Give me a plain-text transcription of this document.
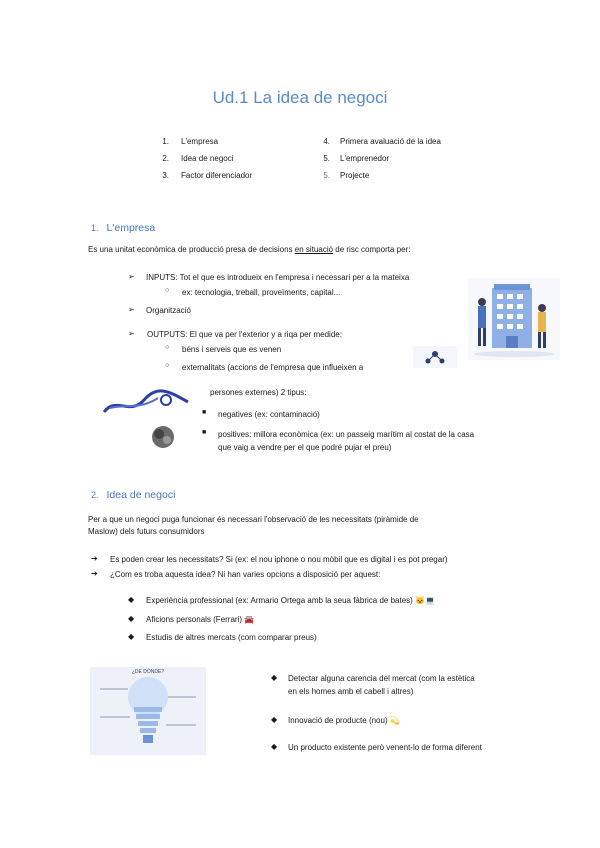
Ud.1 La idea de negoci
1. L'empresa
2. Idea de negoci
3. Factor diferenciador
4. Primera avaluació de la idea
5. L'emprenedor
5. Projecte
1. L'empresa
Es una unitat econòmica de producció presa de decisions en situació de risc comporta per:
➢ INPUTS: Tot el que es introdueix en l'empresa i necessari per a la mateixa
○ ex: tecnologia, treball, proveïments, capital...
➢ Organització
➢ OUTPUTS: El que va per l'exterior y a riqa per medide:
○ béns i serveis que es venen
○ externalitats (accions de l'empresa que influeixen a
persones externes) 2 tipus:
■ negatives (ex: contaminació)
■ positives: millora econòmica (ex: un passeig marítim al costat de la casa
que vaig a vendre per el que podré pujar el preu)
2. Idea de negoci
Per a que un negoci puga funcionar és necessari l'observació de les necessitats (piràmide de
Maslow) dels futurs consumidors
➔ Es poden crear les necessitats? Si (ex: el nou iphone o nou mòbil que es digital i es pot pregar)
➔ ¿Com es troba aquesta idea? Ni han varies opcions a disposició per aquest:
◆ Experiència professional (ex: Armario Ortega amb la seua fàbrica de bates) 🐱💻
◆ Aficions personals (Ferrari) 🚘
◆ Estudis de altres mercats (com comparar preus)
¿DE DÓNDE?
◆ Detectar alguna carencia del mercat (com la estètica
en els homes amb el cabell i altres)
◆ Innovació de producte (nou) 💫
◆ Un producto existente però venent-lo de forma diferent
